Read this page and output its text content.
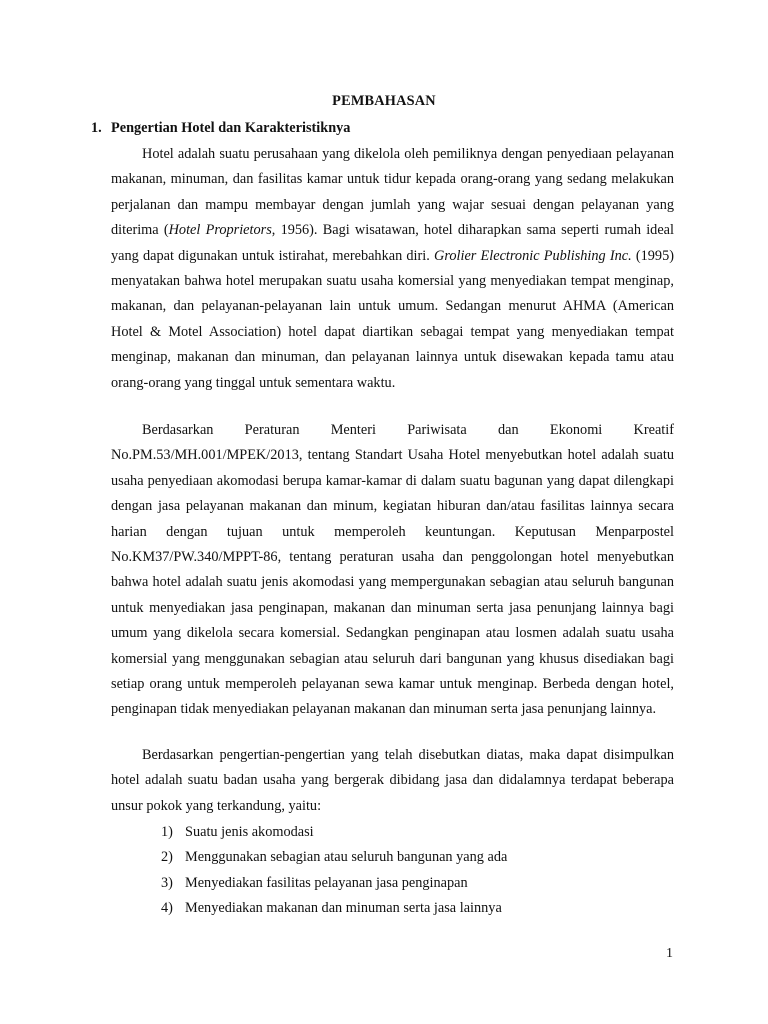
PEMBAHASAN
1. Pengertian Hotel dan Karakteristiknya

Hotel adalah suatu perusahaan yang dikelola oleh pemiliknya dengan penyediaan pelayanan makanan, minuman, dan fasilitas kamar untuk tidur kepada orang-orang yang sedang melakukan perjalanan dan mampu membayar dengan jumlah yang wajar sesuai dengan pelayanan yang diterima (Hotel Proprietors, 1956). Bagi wisatawan, hotel diharapkan sama seperti rumah ideal yang dapat digunakan untuk istirahat, merebahkan diri. Grolier Electronic Publishing Inc. (1995) menyatakan bahwa hotel merupakan suatu usaha komersial yang menyediakan tempat menginap, makanan, dan pelayanan-pelayanan lain untuk umum. Sedangan menurut AHMA (American Hotel & Motel Association) hotel dapat diartikan sebagai tempat yang menyediakan tempat menginap, makanan dan minuman, dan pelayanan lainnya untuk disewakan kepada tamu atau orang-orang yang tinggal untuk sementara waktu.

Berdasarkan Peraturan Menteri Pariwisata dan Ekonomi Kreatif No.PM.53/MH.001/MPEK/2013, tentang Standart Usaha Hotel menyebutkan hotel adalah suatu usaha penyediaan akomodasi berupa kamar-kamar di dalam suatu bagunan yang dapat dilengkapi dengan jasa pelayanan makanan dan minum, kegiatan hiburan dan/atau fasilitas lainnya secara harian dengan tujuan untuk memperoleh keuntungan. Keputusan Menparpostel No.KM37/PW.340/MPPT-86, tentang peraturan usaha dan penggolongan hotel menyebutkan bahwa hotel adalah suatu jenis akomodasi yang mempergunakan sebagian atau seluruh bangunan untuk menyediakan jasa penginapan, makanan dan minuman serta jasa penunjang lainnya bagi umum yang dikelola secara komersial. Sedangkan penginapan atau losmen adalah suatu usaha komersial yang menggunakan sebagian atau seluruh dari bangunan yang khusus disediakan bagi setiap orang untuk memperoleh pelayanan sewa kamar untuk menginap. Berbeda dengan hotel, penginapan tidak menyediakan pelayanan makanan dan minuman serta jasa penunjang lainnya.

Berdasarkan pengertian-pengertian yang telah disebutkan diatas, maka dapat disimpulkan hotel adalah suatu badan usaha yang bergerak dibidang jasa dan didalamnya terdapat beberapa unsur pokok yang terkandung, yaitu:

1) Suatu jenis akomodasi
2) Menggunakan sebagian atau seluruh bangunan yang ada
3) Menyediakan fasilitas pelayanan jasa penginapan
4) Menyediakan makanan dan minuman serta jasa lainnya
1
